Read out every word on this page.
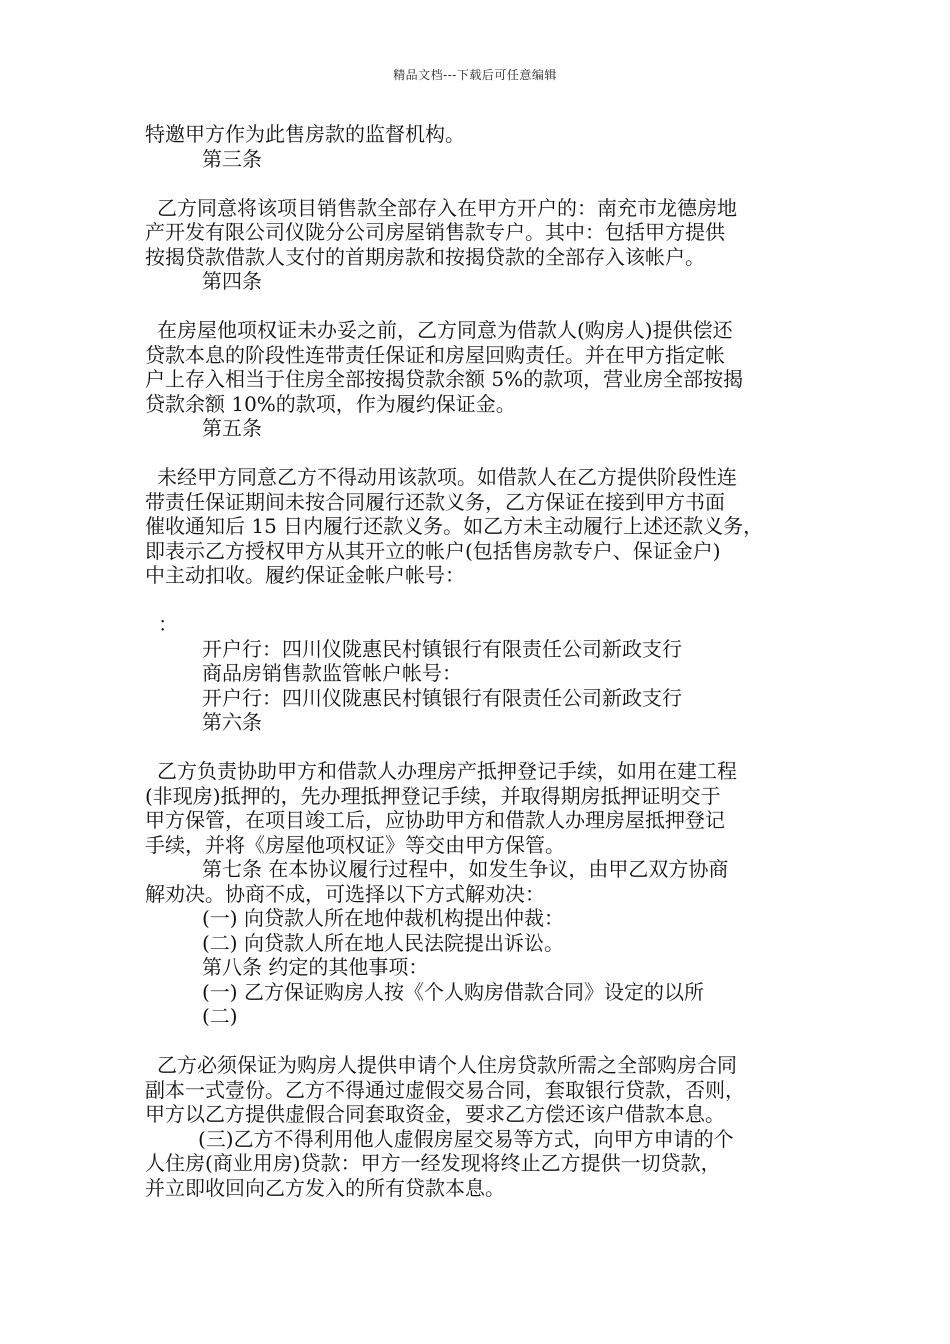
精品文档---下载后可任意编辑
特邀甲方作为此售房款的监督机构。
第三条
乙方同意将该项目销售款全部存入在甲方开户的：南充市龙德房地
产开发有限公司仪陇分公司房屋销售款专户。其中：包括甲方提供
按揭贷款借款人支付的首期房款和按揭贷款的全部存入该帐户。
第四条
在房屋他项权证未办妥之前，乙方同意为借款人(购房人)提供偿还
贷款本息的阶段性连带责任保证和房屋回购责任。并在甲方指定帐
户上存入相当于住房全部按揭贷款余额 5%的款项，营业房全部按揭
贷款余额 10%的款项，作为履约保证金。
第五条
未经甲方同意乙方不得动用该款项。如借款人在乙方提供阶段性连
带责任保证期间未按合同履行还款义务，乙方保证在接到甲方书面
催收通知后 15 日内履行还款义务。如乙方未主动履行上述还款义务，
即表示乙方授权甲方从其开立的帐户(包括售房款专户、保证金户)
中主动扣收。履约保证金帐户帐号：
：
开户行：四川仪陇惠民村镇银行有限责任公司新政支行
商品房销售款监管帐户帐号：
开户行：四川仪陇惠民村镇银行有限责任公司新政支行
第六条
乙方负责协助甲方和借款人办理房产抵押登记手续，如用在建工程
(非现房)抵押的，先办理抵押登记手续，并取得期房抵押证明交于
甲方保管，在项目竣工后，应协助甲方和借款人办理房屋抵押登记
手续，并将《房屋他项权证》等交由甲方保管。
第七条 在本协议履行过程中，如发生争议，由甲乙双方协商
解劝决。协商不成，可选择以下方式解劝决：
(一) 向贷款人所在地仲裁机构提出仲裁：
(二) 向贷款人所在地人民法院提出诉讼。
第八条 约定的其他事项：
(一) 乙方保证购房人按《个人购房借款合同》设定的以所
(二)
乙方必须保证为购房人提供申请个人住房贷款所需之全部购房合同
副本一式壹份。乙方不得通过虚假交易合同，套取银行贷款，否则，
甲方以乙方提供虚假合同套取资金，要求乙方偿还该户借款本息。
(三)乙方不得利用他人虚假房屋交易等方式，向甲方申请的个
人住房(商业用房)贷款：甲方一经发现将终止乙方提供一切贷款，
并立即收回向乙方发入的所有贷款本息。
